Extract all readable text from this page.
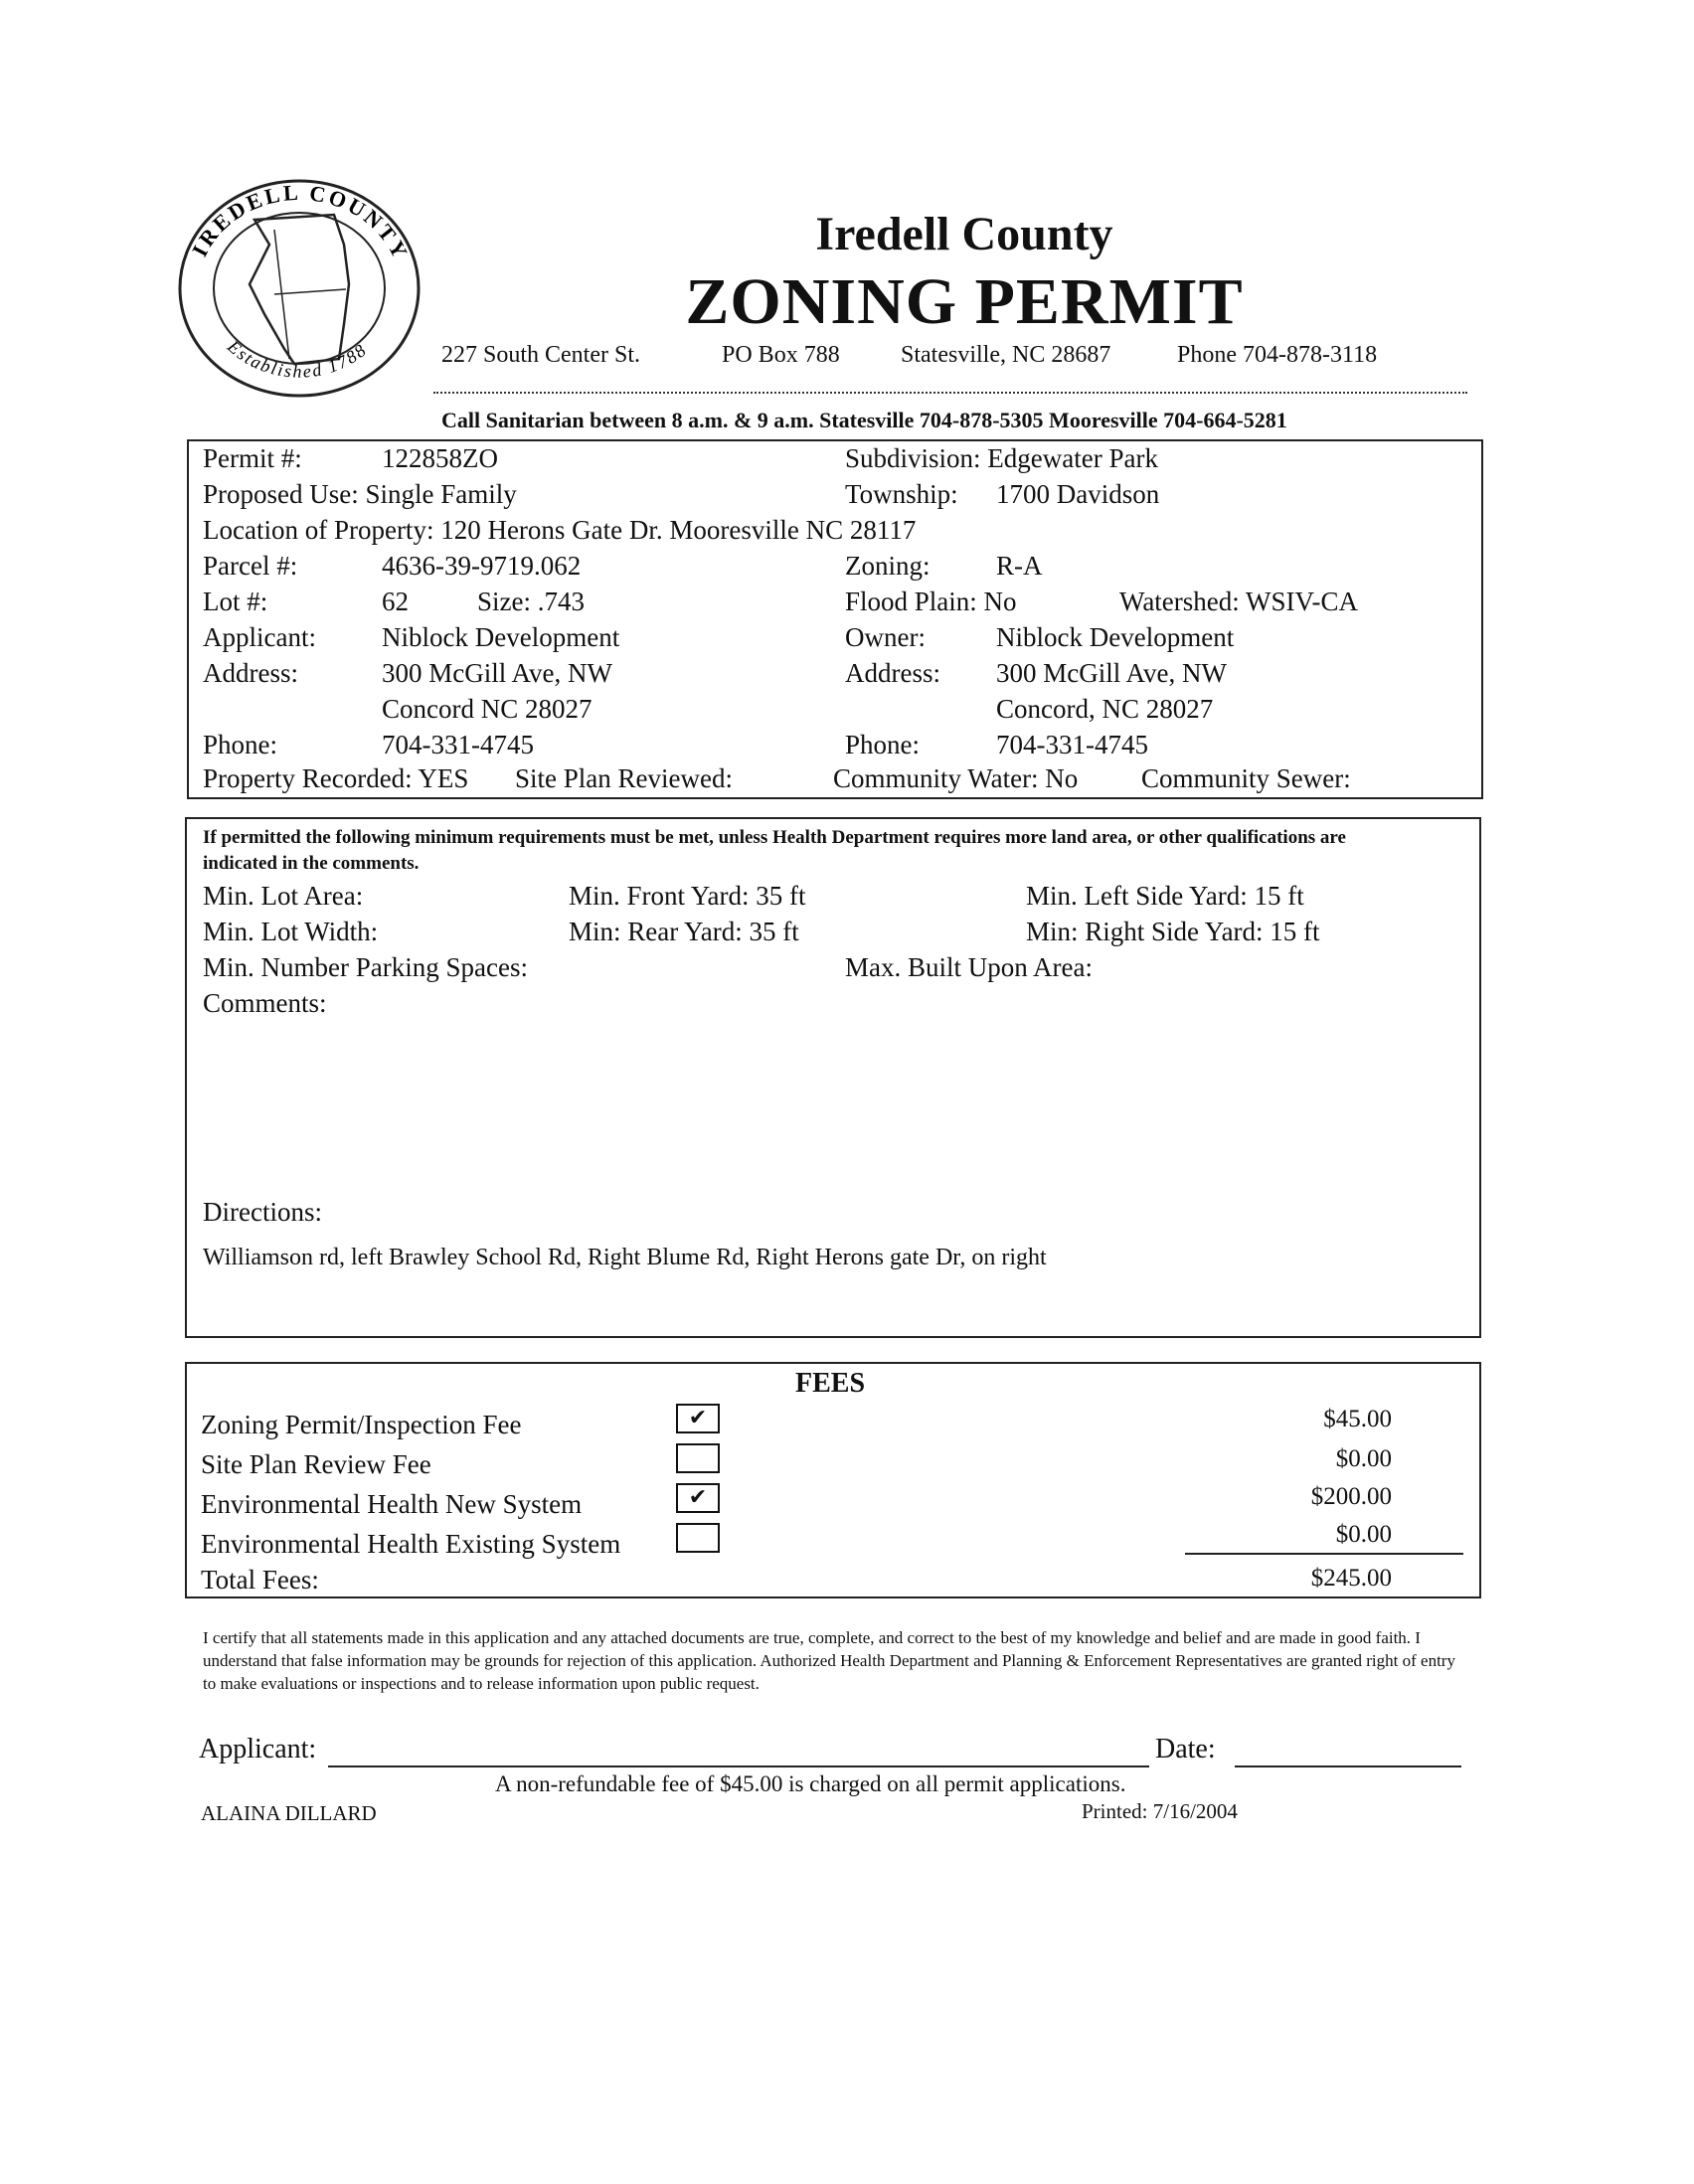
IREDELL COUNTY
Established 1788
Iredell County
ZONING PERMIT
227 South Center St.	PO Box 788	Statesville, NC 28687	Phone 704-878-3118
Call Sanitarian between 8 a.m. & 9 a.m. Statesville 704-878-5305 Mooresville 704-664-5281
Permit #:	122858ZO	Subdivision: Edgewater Park
Proposed Use: Single Family	Township: 1700 Davidson
Location of Property: 120 Herons Gate Dr. Mooresville NC 28117
Parcel #:	4636-39-9719.062	Zoning: R-A
Lot #:	62	Size: .743	Flood Plain: No	Watershed: WSIV-CA
Applicant: Niblock Development	Owner:	Niblock Development
Address:	300 McGill Ave, NW	Address: 300 McGill Ave, NW
Concord NC 28027	Concord, NC 28027
Phone:	704-331-4745	Phone:	704-331-4745
Property Recorded: YES Site Plan Reviewed:	Community Water: No Community Sewer:
If permitted the following minimum requirements must be met, unless Health Department requires more land area, or other qualifications are indicated in the comments.
Min. Lot Area:	Min. Front Yard: 35 ft	Min. Left Side Yard: 15 ft
Min. Lot Width:	Min: Rear Yard: 35 ft	Min: Right Side Yard: 15 ft
Min. Number Parking Spaces:	Max. Built Upon Area:
Comments:
Directions:
Williamson rd, left Brawley School Rd, Right Blume Rd, Right Herons gate Dr, on right
FEES
Zoning Permit/Inspection Fee	✔	$45.00
Site Plan Review Fee	$0.00
Environmental Health New System	✔	$200.00
Environmental Health Existing System	$0.00
Total Fees:	$245.00
I certify that all statements made in this application and any attached documents are true, complete, and correct to the best of my knowledge and belief and are made in good faith. I understand that false information may be grounds for rejection of this application. Authorized Health Department and Planning & Enforcement Representatives are granted right of entry to make evaluations or inspections and to release information upon public request.
Applicant:	Date:
A non-refundable fee of $45.00 is charged on all permit applications.
ALAINA DILLARD	Printed: 7/16/2004
